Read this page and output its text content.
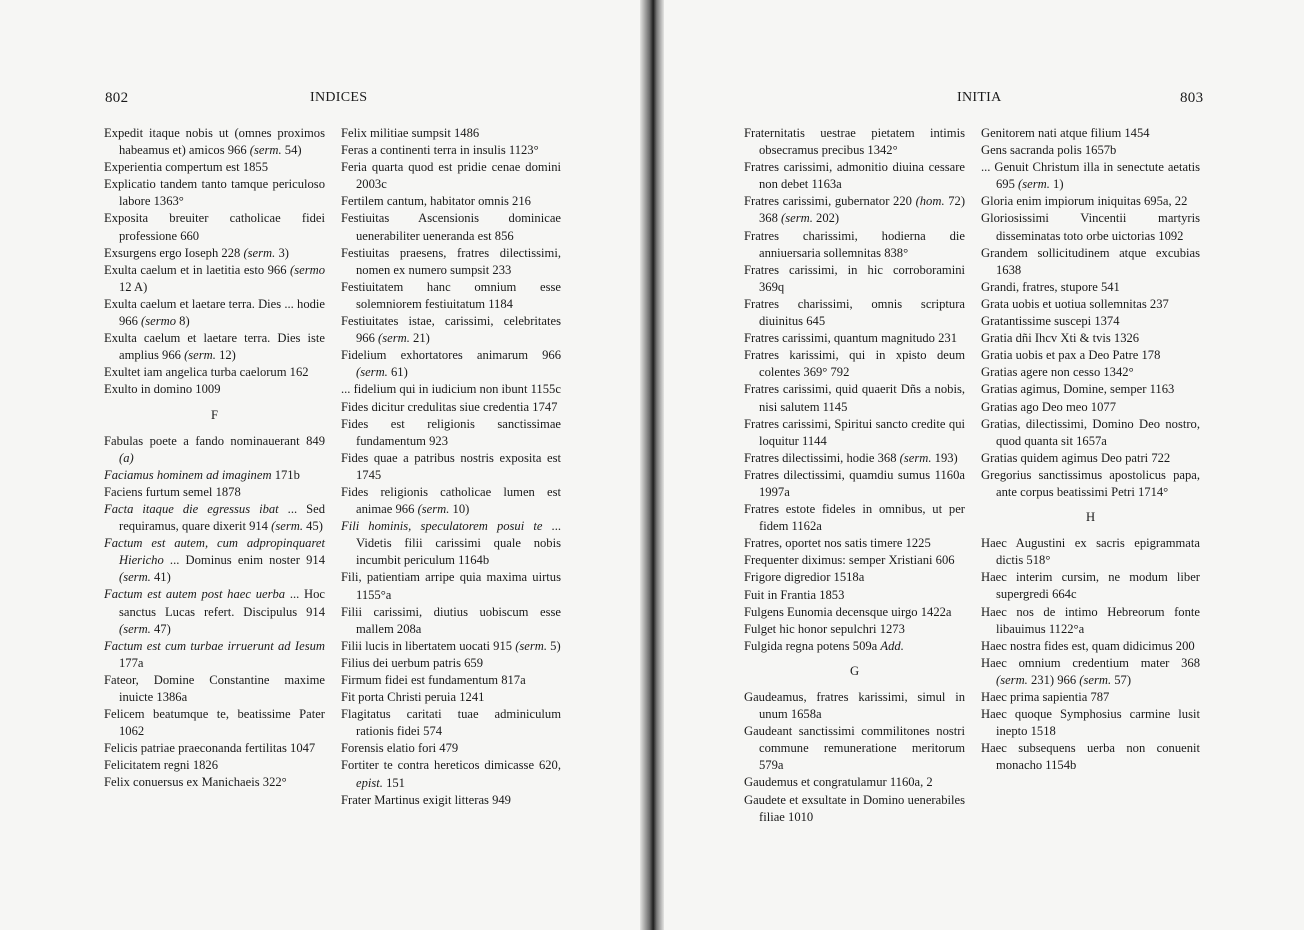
802	INDICES

Expedit itaque nobis ut (omnes proximos habeamus et) amicos 966 (serm. 54)

Experientia compertum est 1855

Explicatio tandem tanto tamque periculoso labore 1363°

Exposita breuiter catholicae fidei professione 660

Exsurgens ergo Ioseph 228 (serm. 3)

Exulta caelum et in laetitia esto 966 (sermo 12 A)

Exulta caelum et laetare terra. Dies ... hodie 966 (sermo 8)

Exulta caelum et laetare terra. Dies iste amplius 966 (serm. 12)

Exultet iam angelica turba caelorum 162

Exulto in domino 1009

F

Fabulas poete a fando nominauerant 849 (a)

Faciamus hominem ad imaginem 171b

Faciens furtum semel 1878

Facta itaque die egressus ibat ... Sed requiramus, quare dixerit 914 (serm. 45)

Factum est autem, cum adpropinquaret Hiericho ... Dominus enim noster 914 (serm. 41)

Factum est autem post haec uerba ... Hoc sanctus Lucas refert. Discipulus 914 (serm. 47)

Factum est cum turbae irruerunt ad Iesum 177a

Fateor, Domine Constantine maxime inuicte 1386a

Felicem beatumque te, beatissime Pater 1062

Felicis patriae praeconanda fertilitas 1047

Felicitatem regni 1826

Felix conuersus ex Manichaeis 322°

Felix militiae sumpsit 1486

Feras a continenti terra in insulis 1123°

Feria quarta quod est pridie cenae domini 2003c

Fertilem cantum, habitator omnis 216

Festiuitas Ascensionis dominicae uenerabiliter ueneranda est 856

Festiuitas praesens, fratres dilectissimi, nomen ex numero sumpsit 233

Festiuitatem hanc omnium esse solemniorem festiuitatum 1184

Festiuitates istae, carissimi, celebritates 966 (serm. 21)

Fidelium exhortatores animarum 966 (serm. 61)

... fidelium qui in iudicium non ibunt 1155c

Fides dicitur credulitas siue credentia 1747

Fides est religionis sanctissimae fundamentum 923

Fides quae a patribus nostris exposita est 1745

Fides religionis catholicae lumen est animae 966 (serm. 10)

Fili hominis, speculatorem posui te ... Videtis filii carissimi quale nobis incumbit periculum 1164b

Fili, patientiam arripe quia maxima uirtus 1155°a

Filii carissimi, diutius uobiscum esse mallem 208a

Filii lucis in libertatem uocati 915 (serm. 5)

Filius dei uerbum patris 659

Firmum fidei est fundamentum 817a

Fit porta Christi peruia 1241

Flagitatus caritati tuae adminiculum rationis fidei 574

Forensis elatio fori 479

Fortiter te contra hereticos dimicasse 620, epist. 151

Frater Martinus exigit litteras 949

INITIA	803

Fraternitatis uestrae pietatem intimis obsecramus precibus 1342°

Fratres carissimi, admonitio diuina cessare non debet 1163a

Fratres carissimi, gubernator 220 (hom. 72) 368 (serm. 202)

Fratres charissimi, hodierna die anniuersaria sollemnitas 838°

Fratres carissimi, in hic corroboramini 369q

Fratres charissimi, omnis scriptura diuinitus 645

Fratres carissimi, quantum magnitudo 231

Fratres karissimi, qui in xpisto deum colentes 369° 792

Fratres carissimi, quid quaerit Dñs a nobis, nisi salutem 1145

Fratres carissimi, Spiritui sancto credite qui loquitur 1144

Fratres dilectissimi, hodie 368 (serm. 193)

Fratres dilectissimi, quamdiu sumus 1160a 1997a

Fratres estote fideles in omnibus, ut per fidem 1162a

Fratres, oportet nos satis timere 1225

Frequenter diximus: semper Xristiani 606

Frigore digredior 1518a

Fuit in Frantia 1853

Fulgens Eunomia decensque uirgo 1422a

Fulget hic honor sepulchri 1273

Fulgida regna potens 509a Add.

G

Gaudeamus, fratres karissimi, simul in unum 1658a

Gaudeant sanctissimi commilitones nostri commune remuneratione meritorum 579a

Gaudemus et congratulamur 1160a, 2

Gaudete et exsultate in Domino uenerabiles filiae 1010

Genitorem nati atque filium 1454

Gens sacranda polis 1657b

... Genuit Christum illa in senectute aetatis 695 (serm. 1)

Gloria enim impiorum iniquitas 695a, 22

Gloriosissimi Vincentii martyris disseminatas toto orbe uictorias 1092

Grandem sollicitudinem atque excubias 1638

Grandi, fratres, stupore 541

Grata uobis et uotiua sollemnitas 237

Gratantissime suscepi 1374

Gratia dñi Ihcv Xti & tvis 1326

Gratia uobis et pax a Deo Patre 178

Gratias agere non cesso 1342°

Gratias agimus, Domine, semper 1163

Gratias ago Deo meo 1077

Gratias, dilectissimi, Domino Deo nostro, quod quanta sit 1657a

Gratias quidem agimus Deo patri 722

Gregorius sanctissimus apostolicus papa, ante corpus beatissimi Petri 1714°

H

Haec Augustini ex sacris epigrammata dictis 518°

Haec interim cursim, ne modum liber supergredi 664c

Haec nos de intimo Hebreorum fonte libauimus 1122°a

Haec nostra fides est, quam didicimus 200

Haec omnium credentium mater 368 (serm. 231) 966 (serm. 57)

Haec prima sapientia 787

Haec quoque Symphosius carmine lusit inepto 1518

Haec subsequens uerba non conuenit monacho 1154b
